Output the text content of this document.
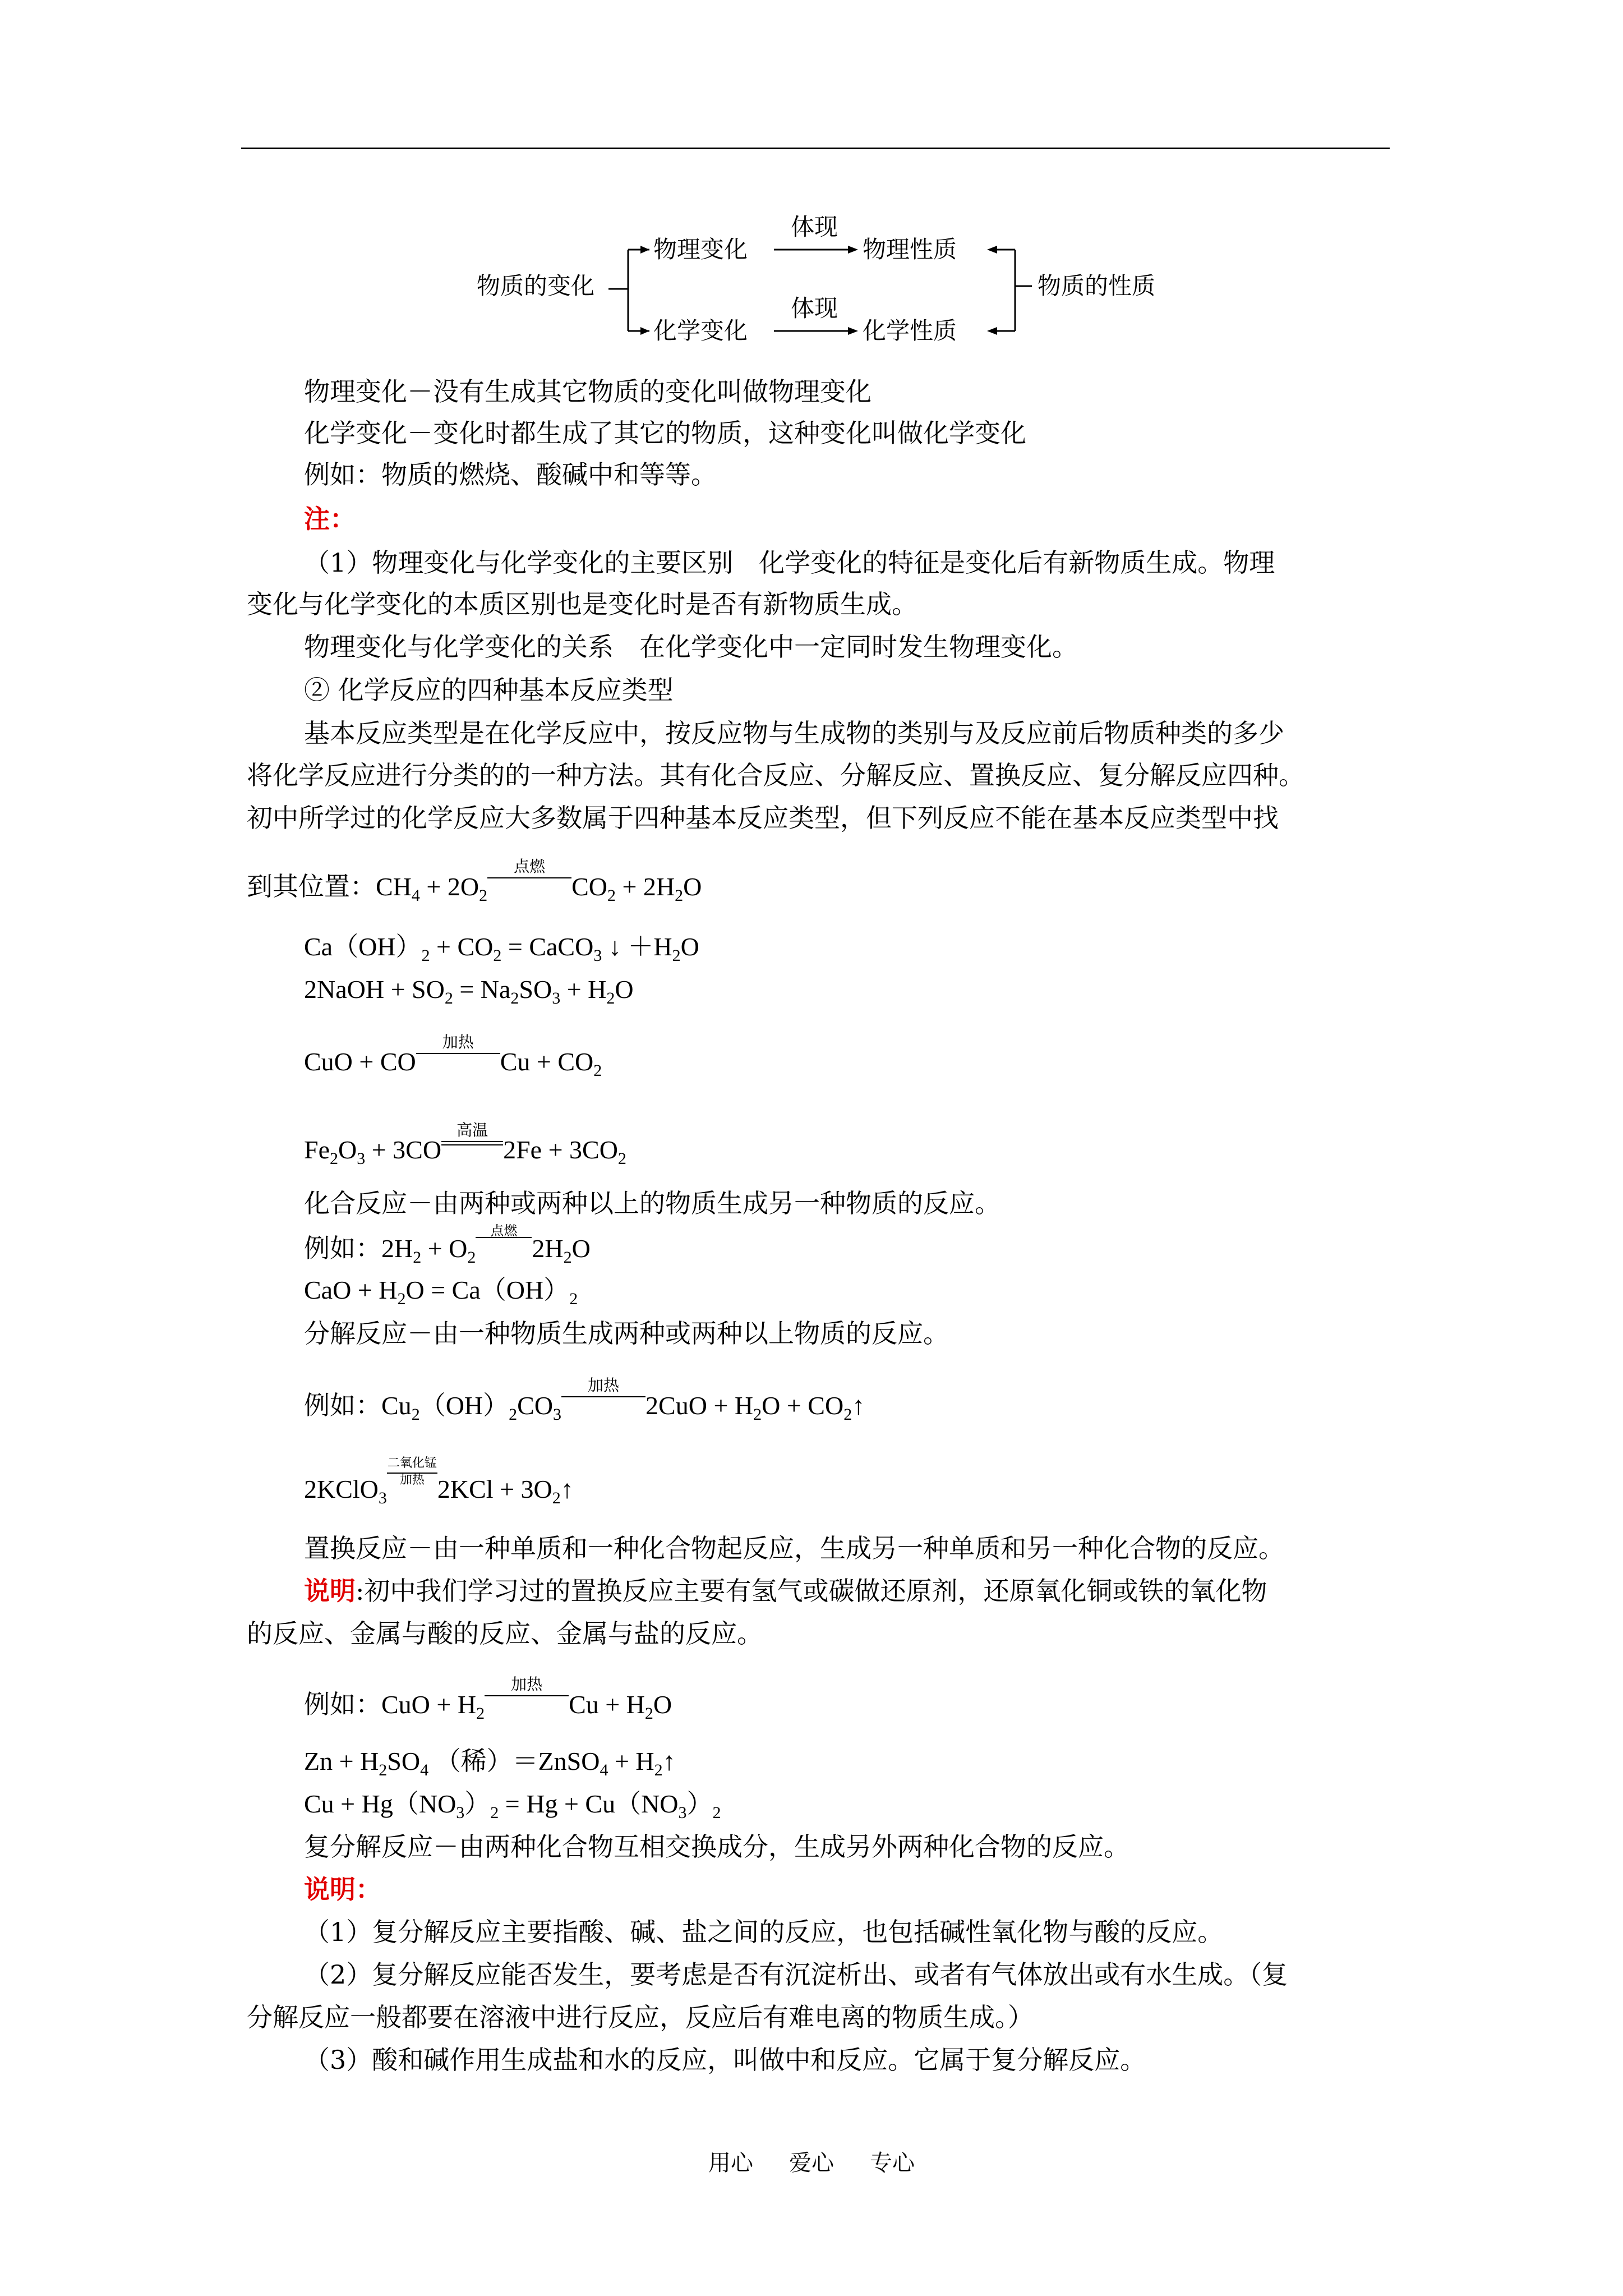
物质的变化
物理变化
体现
物理性质
化学变化
体现
化学性质
物质的性质
物理变化－没有生成其它物质的变化叫做物理变化
化学变化－变化时都生成了其它的物质，这种变化叫做化学变化
例如：物质的燃烧、酸碱中和等等。
注：
（1）物理变化与化学变化的主要区别　化学变化的特征是变化后有新物质生成。物理
变化与化学变化的本质区别也是变化时是否有新物质生成。
物理变化与化学变化的关系　在化学变化中一定同时发生物理变化。
② 化学反应的四种基本反应类型
基本反应类型是在化学反应中，按反应物与生成物的类别与及反应前后物质种类的多少
将化学反应进行分类的的一种方法。其有化合反应、分解反应、置换反应、复分解反应四种。
初中所学过的化学反应大多数属于四种基本反应类型，但下列反应不能在基本反应类型中找
到其位置：$CH_4 + 2O_2$
点燃
$CO_2 + 2H_2O$
$Ca(OH)_2 + CO_2$ = CaCO$_3$ ↓ $+H_2O$
2NaOH + $SO_2 = Na_2SO_3 + H_2O$
CuO + CO
加热
$Cu + CO_2$
$Fe_2O_3 + 3CO$
高温
$2Fe + 3CO_2$
化合反应－由两种或两种以上的物质生成另一种物质的反应。
例如：$2H_2 + O_2$
点燃
$2H_2O$
CaO + $H_2O = Ca(OH)_2$
分解反应－由一种物质生成两种或两种以上物质的反应。
例如：$Cu_2(OH)_2CO_3$
加热
$2CuO + H_2O$ + $CO_2↑$
2KClO$_3$
二氧化锰
加热 $2KCl + 3O_2↑$
置换反应－由一种单质和一种化合物起反应，生成另一种单质和另一种化合物的反应。
说明:初中我们学习过的置换反应主要有氢气或碳做还原剂，还原氧化铜或铁的氧化物
的反应、金属与酸的反应、金属与盐的反应。
例如：CuO + $H_2$
加热
$Cu + H_2O$
$Zn + H_2SO_4$ （稀）＝ZnSO$_4$ + $H_2↑$
$Cu + Hg(NO_3)_2 = Hg + Cu(NO_3)_2$
复分解反应－由两种化合物互相交换成分，生成另外两种化合物的反应。
说明：
（1）复分解反应主要指酸、碱、盐之间的反应，也包括碱性氧化物与酸的反应。
（2）复分解反应能否发生，要考虑是否有沉淀析出、或者有气体放出或有水生成。（复
分解反应一般都要在溶液中进行反应，反应后有难电离的物质生成。）
（3）酸和碱作用生成盐和水的反应，叫做中和反应。它属于复分解反应。
用心 爱心 专心
